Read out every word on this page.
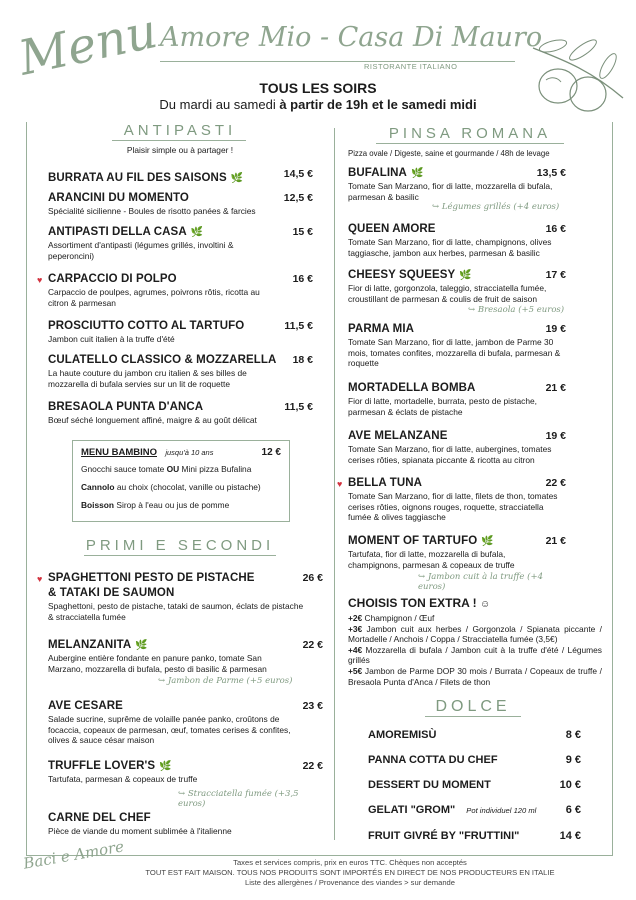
Menu
Amore Mio - Casa Di Mauro
RISTORANTE ITALIANO
TOUS LES SOIRS
Du mardi au samedi à partir de 19h et le samedi midi
ANTIPASTI
Plaisir simple ou à partager !
BURRATA AU FIL DES SAISONS 🌿	14,5 €
ARANCINI DU MOMENTO	12,5 €
Spécialité sicilienne - Boules de risotto panées & farcies
ANTIPASTI DELLA CASA 🌿	15 €
Assortiment d'antipasti (légumes grillés, involtini & peperoncini)
♥ CARPACCIO DI POLPO	16 €
Carpaccio de poulpes, agrumes, poivrons rôtis, ricotta au citron & parmesan
PROSCIUTTO COTTO AL TARTUFO	11,5 €
Jambon cuit italien à la truffe d'été
CULATELLO CLASSICO & MOZZARELLA	18 €
La haute couture du jambon cru italien & ses billes de mozzarella di bufala servies sur un lit de roquette
BRESAOLA PUNTA D'ANCA	11,5 €
Bœuf séché longuement affiné, maigre & au goût délicat
MENU BAMBINO jusqu'à 10 ans	12 €
Gnocchi sauce tomate OU Mini pizza Bufalina
Cannolo au choix (chocolat, vanille ou pistache)
Boisson Sirop à l'eau ou jus de pomme
PRIMI E SECONDI
♥ SPAGHETTONI PESTO DE PISTACHE
& TATAKI DE SAUMON
26 €
Spaghettoni, pesto de pistache, tataki de saumon, éclats de pistache & stracciatella fumée
MELANZANITA 🌿	22 €
Aubergine entière fondante en panure panko, tomate San Marzano, mozzarella di bufala, pesto di basilic & parmesan
↪ Jambon de Parme (+5 euros)
AVE CESARE	23 €
Salade sucrine, suprême de volaille panée panko, croûtons de focaccia, copeaux de parmesan, œuf, tomates cerises & confites, olives & sauce césar maison
TRUFFLE LOVER'S 🌿	22 €
Tartufata, parmesan & copeaux de truffe
↪ Stracciatella fumée (+3,5 euros)
CARNE DEL CHEF
Pièce de viande du moment sublimée à l'italienne
PINSA ROMANA
Pizza ovale / Digeste, saine et gourmande / 48h de levage
BUFALINA 🌿	13,5 €
Tomate San Marzano, fior di latte, mozzarella di bufala, parmesan & basilic
↪ Légumes grillés (+4 euros)
QUEEN AMORE	16 €
Tomate San Marzano, fior di latte, champignons, olives taggiasche, jambon aux herbes, parmesan & basilic
CHEESY SQUEESY 🌿	17 €
Fior di latte, gorgonzola, taleggio, stracciatella fumée, croustillant de parmesan & coulis de fruit de saison
↪ Bresaola (+5 euros)
PARMA MIA	19 €
Tomate San Marzano, fior di latte, jambon de Parme 30 mois, tomates confites, mozzarella di bufala, parmesan & roquette
MORTADELLA BOMBA	21 €
Fior di latte, mortadelle, burrata, pesto de pistache, parmesan & éclats de pistache
AVE MELANZANE	19 €
Tomate San Marzano, fior di latte, aubergines, tomates cerises rôties, spianata piccante & ricotta au citron
♥ BELLA TUNA	22 €
Tomate San Marzano, fior di latte, filets de thon, tomates cerises rôties, oignons rouges, roquette, stracciatella fumée & olives taggiasche
MOMENT OF TARTUFO 🌿	21 €
Tartufata, fior di latte, mozzarella di bufala, champignons, parmesan & copeaux de truffe
↪ Jambon cuit à la truffe (+4 euros)
CHOISIS TON EXTRA ! ☺
+2€ Champignon / Œuf
+3€ Jambon cuit aux herbes / Gorgonzola / Spianata piccante / Mortadelle / Anchois / Coppa / Stracciatella fumée (3,5€)
+4€ Mozzarella di bufala / Jambon cuit à la truffe d'été / Légumes grillés
+5€ Jambon de Parme DOP 30 mois / Burrata / Copeaux de truffe / Bresaola Punta d'Anca / Filets de thon
DOLCE
AMOREMISÙ	8 €
PANNA COTTA DU CHEF	9 €
DESSERT DU MOMENT	10 €
GELATI "GROM" Pot individuel 120 ml	6 €
FRUIT GIVRÉ BY "FRUTTINI"	14 €
Baci e Amore	Taxes et services compris, prix en euros TTC. Chèques non acceptés
TOUT EST FAIT MAISON. TOUS NOS PRODUITS SONT IMPORTÉS EN DIRECT DE NOS PRODUCTEURS EN ITALIE
Liste des allergènes / Provenance des viandes > sur demande
